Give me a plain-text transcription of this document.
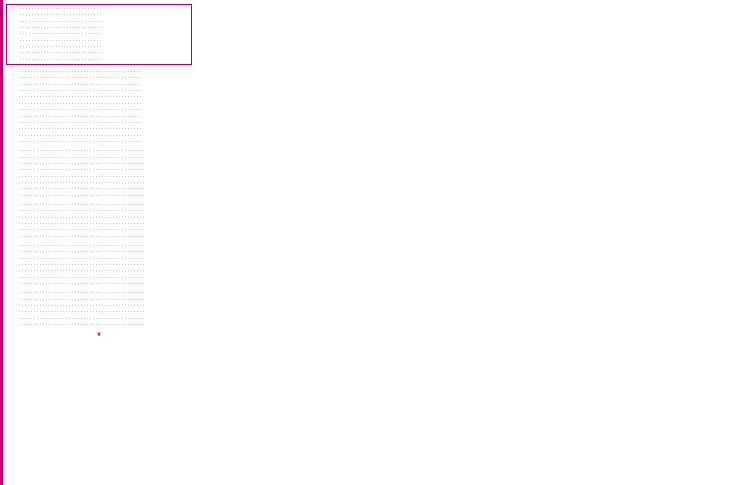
. . .
. . .
. . .
. . .
. . .
. . .
. . .
. . .
. . .
. . .
. . .
. . .
. . .
. . .
. . .
. . .
. . .
. . .
. . .
. . .
. . .
. . .
. . .
. . .
. . .
. . .
. . .
. . .
. . .
. . .
. . .
. . .
. . .
. . .
. . .
. . .
. . .
. . .
. . .
. . .
. . .
. . .
. . .
. . .
. . .
. . .
. . .
. . .
❦
